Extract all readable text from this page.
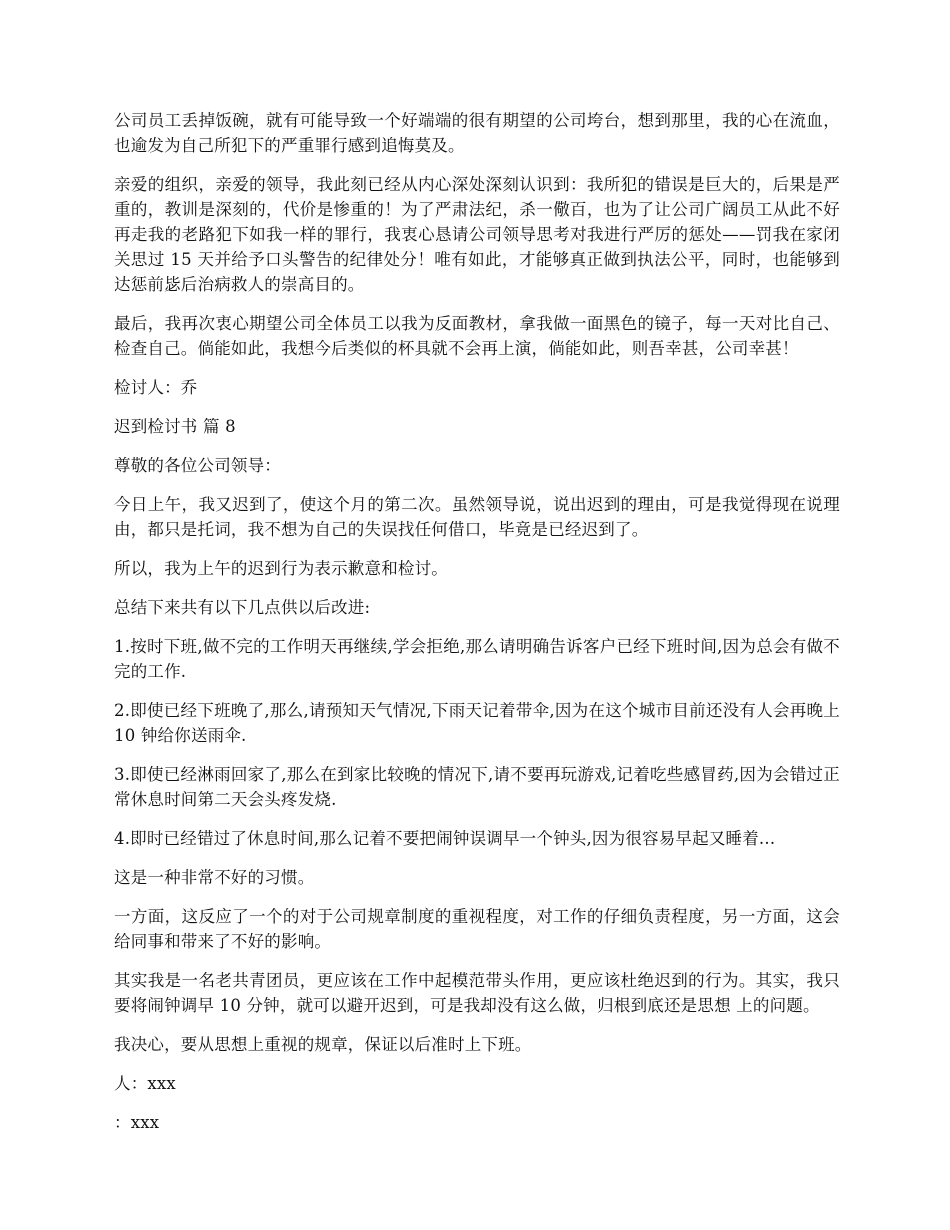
公司员工丢掉饭碗，就有可能导致一个好端端的很有期望的公司垮台，想到那里，我的心在流血，也逾发为自己所犯下的严重罪行感到追悔莫及。

亲爱的组织，亲爱的领导，我此刻已经从内心深处深刻认识到：我所犯的错误是巨大的，后果是严重的，教训是深刻的，代价是惨重的！为了严肃法纪，杀一儆百，也为了让公司广阔员工从此不好再走我的老路犯下如我一样的罪行，我衷心恳请公司领导思考对我进行严厉的惩处——罚我在家闭关思过 15 天并给予口头警告的纪律处分！唯有如此，才能够真正做到执法公平，同时，也能够到达惩前毖后治病救人的崇高目的。

最后，我再次衷心期望公司全体员工以我为反面教材，拿我做一面黑色的镜子，每一天对比自己、检查自己。倘能如此，我想今后类似的杯具就不会再上演，倘能如此，则吾幸甚，公司幸甚！

检讨人：乔

迟到检讨书 篇 8

尊敬的各位公司领导：

今日上午，我又迟到了，使这个月的第二次。虽然领导说，说出迟到的理由，可是我觉得现在说理由，都只是托词，我不想为自己的失误找任何借口，毕竟是已经迟到了。

所以，我为上午的迟到行为表示歉意和检讨。

总结下来共有以下几点供以后改进:

1.按时下班,做不完的工作明天再继续,学会拒绝,那么请明确告诉客户已经下班时间,因为总会有做不完的工作.

2.即使已经下班晚了,那么,请预知天气情况,下雨天记着带伞,因为在这个城市目前还没有人会再晚上 10 钟给你送雨伞.

3.即使已经淋雨回家了,那么在到家比较晚的情况下,请不要再玩游戏,记着吃些感冒药,因为会错过正常休息时间第二天会头疼发烧.

4.即时已经错过了休息时间,那么记着不要把闹钟误调早一个钟头,因为很容易早起又睡着...

这是一种非常不好的习惯。

一方面，这反应了一个的对于公司规章制度的重视程度，对工作的仔细负责程度，另一方面，这会给同事和带来了不好的影响。

其实我是一名老共青团员，更应该在工作中起模范带头作用，更应该杜绝迟到的行为。其实，我只要将闹钟调早 10 分钟，就可以避开迟到，可是我却没有这么做，归根到底还是思想 上的问题。

我决心，要从思想上重视的规章，保证以后准时上下班。

人：xxx

：xxx
